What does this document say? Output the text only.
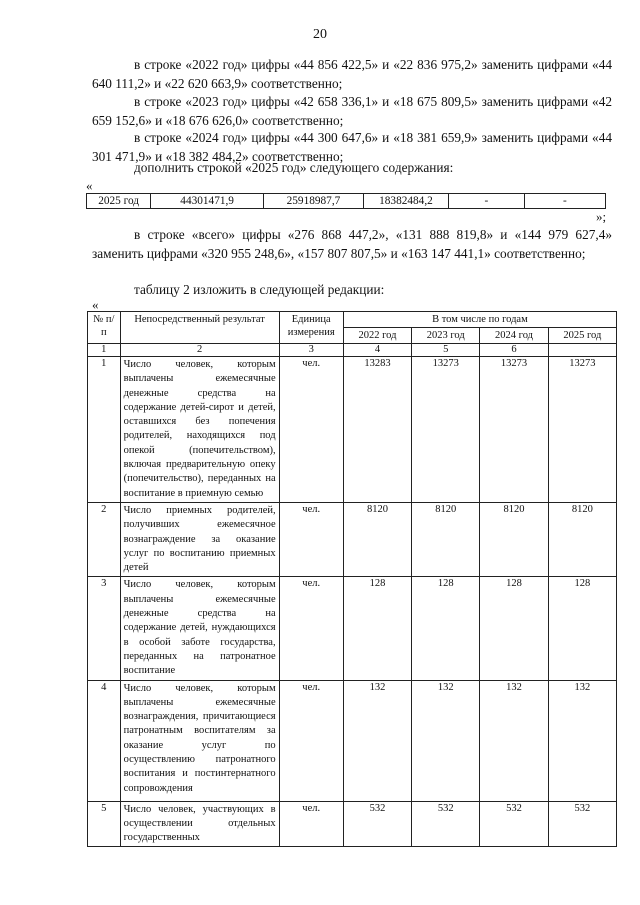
20
в строке «2022 год» цифры «44 856 422,5» и «22 836 975,2» заменить цифрами «44 640 111,2» и «22 620 663,9» соответственно;
в строке «2023 год» цифры «42 658 336,1» и «18 675 809,5» заменить цифрами «42 659 152,6» и «18 676 626,0» соответственно;
в строке «2024 год» цифры «44 300 647,6» и «18 381 659,9» заменить цифрами «44 301 471,9» и «18 382 484,2» соответственно;
дополнить строкой «2025 год» следующего содержания:
«
2025 год	44301471,9	25918987,7	18382484,2	-	-
»;
в строке «всего» цифры «276 868 447,2», «131 888 819,8» и «144 979 627,4» заменить цифрами «320 955 248,6», «157 807 807,5» и «163 147 441,1» соответственно;
таблицу 2 изложить в следующей редакции:
«
№ п/п	Непосредственный результат	Единица измерения	В том числе по годам			
			2022 год	2023 год	2024 год	2025 год
1	2	3	4	5	6	
1	Число человек, которым выплачены ежемесячные денежные средства на содержание детей-сирот и детей, оставшихся без попечения родителей, находящихся под опекой (попечительством), включая предварительную опеку (попечительство), переданных на воспитание в приемную семью	чел.	13283	13273	13273	13273
2	Число приемных родителей, получивших ежемесячное вознаграждение за оказание услуг по воспитанию приемных детей	чел.	8120	8120	8120	8120
3	Число человек, которым выплачены ежемесячные денежные средства на содержание детей, нуждающихся в особой заботе государства, переданных на патронатное воспитание	чел.	128	128	128	128
4	Число человек, которым выплачены ежемесячные вознаграждения, причитающиеся патронатным воспитателям за оказание услуг по осуществлению патронатного воспитания и постинтернатного сопровождения	чел.	132	132	132	132
5	Число человек, участвующих в осуществлении отдельных государственных	чел.	532	532	532	532
